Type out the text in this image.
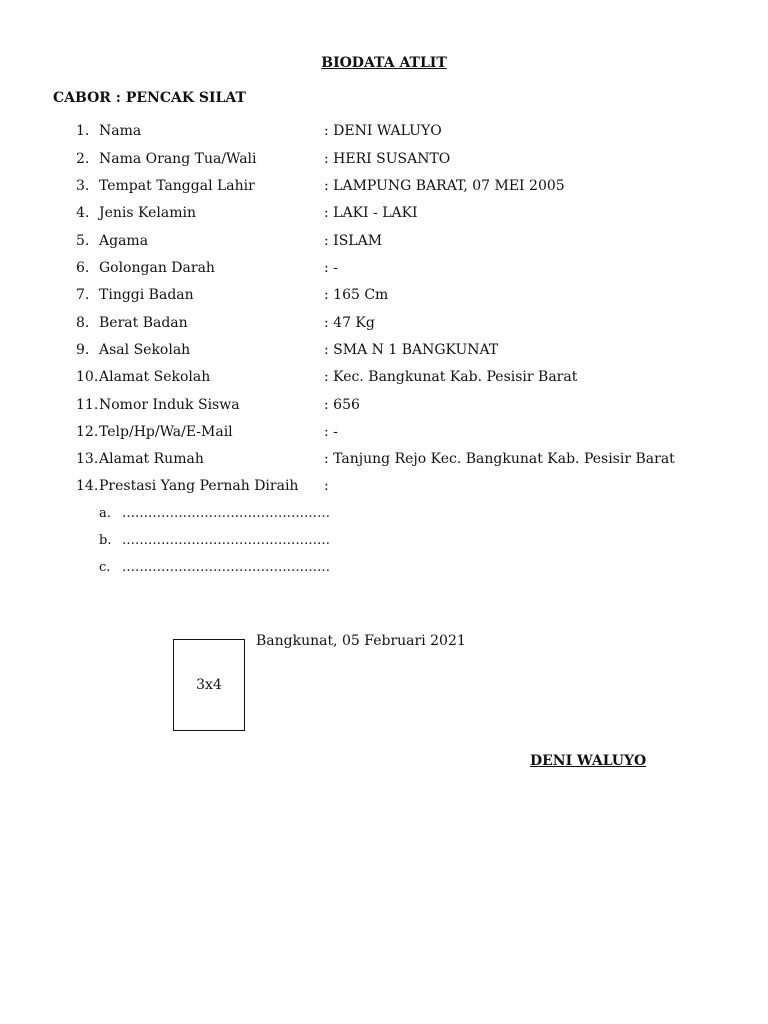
BIODATA ATLIT
CABOR : PENCAK SILAT
1. Nama	: DENI WALUYO
2. Nama Orang Tua/Wali	: HERI SUSANTO
3. Tempat Tanggal Lahir	: LAMPUNG BARAT, 07 MEI 2005
4. Jenis Kelamin	: LAKI - LAKI
5. Agama	: ISLAM
6. Golongan Darah	: -
7. Tinggi Badan	: 165 Cm
8. Berat Badan	: 47 Kg
9. Asal Sekolah	: SMA N 1 BANGKUNAT
10. Alamat Sekolah	: Kec. Bangkunat Kab. Pesisir Barat
11. Nomor Induk Siswa	: 656
12. Telp/Hp/Wa/E-Mail	: -
13. Alamat Rumah	: Tanjung Rejo Kec. Bangkunat Kab. Pesisir Barat
14. Prestasi Yang Pernah Diraih :
a. …………………………………………
b. …………………………………………
c. …………………………………………
3x4
Bangkunat, 05 Februari 2021
DENI WALUYO
